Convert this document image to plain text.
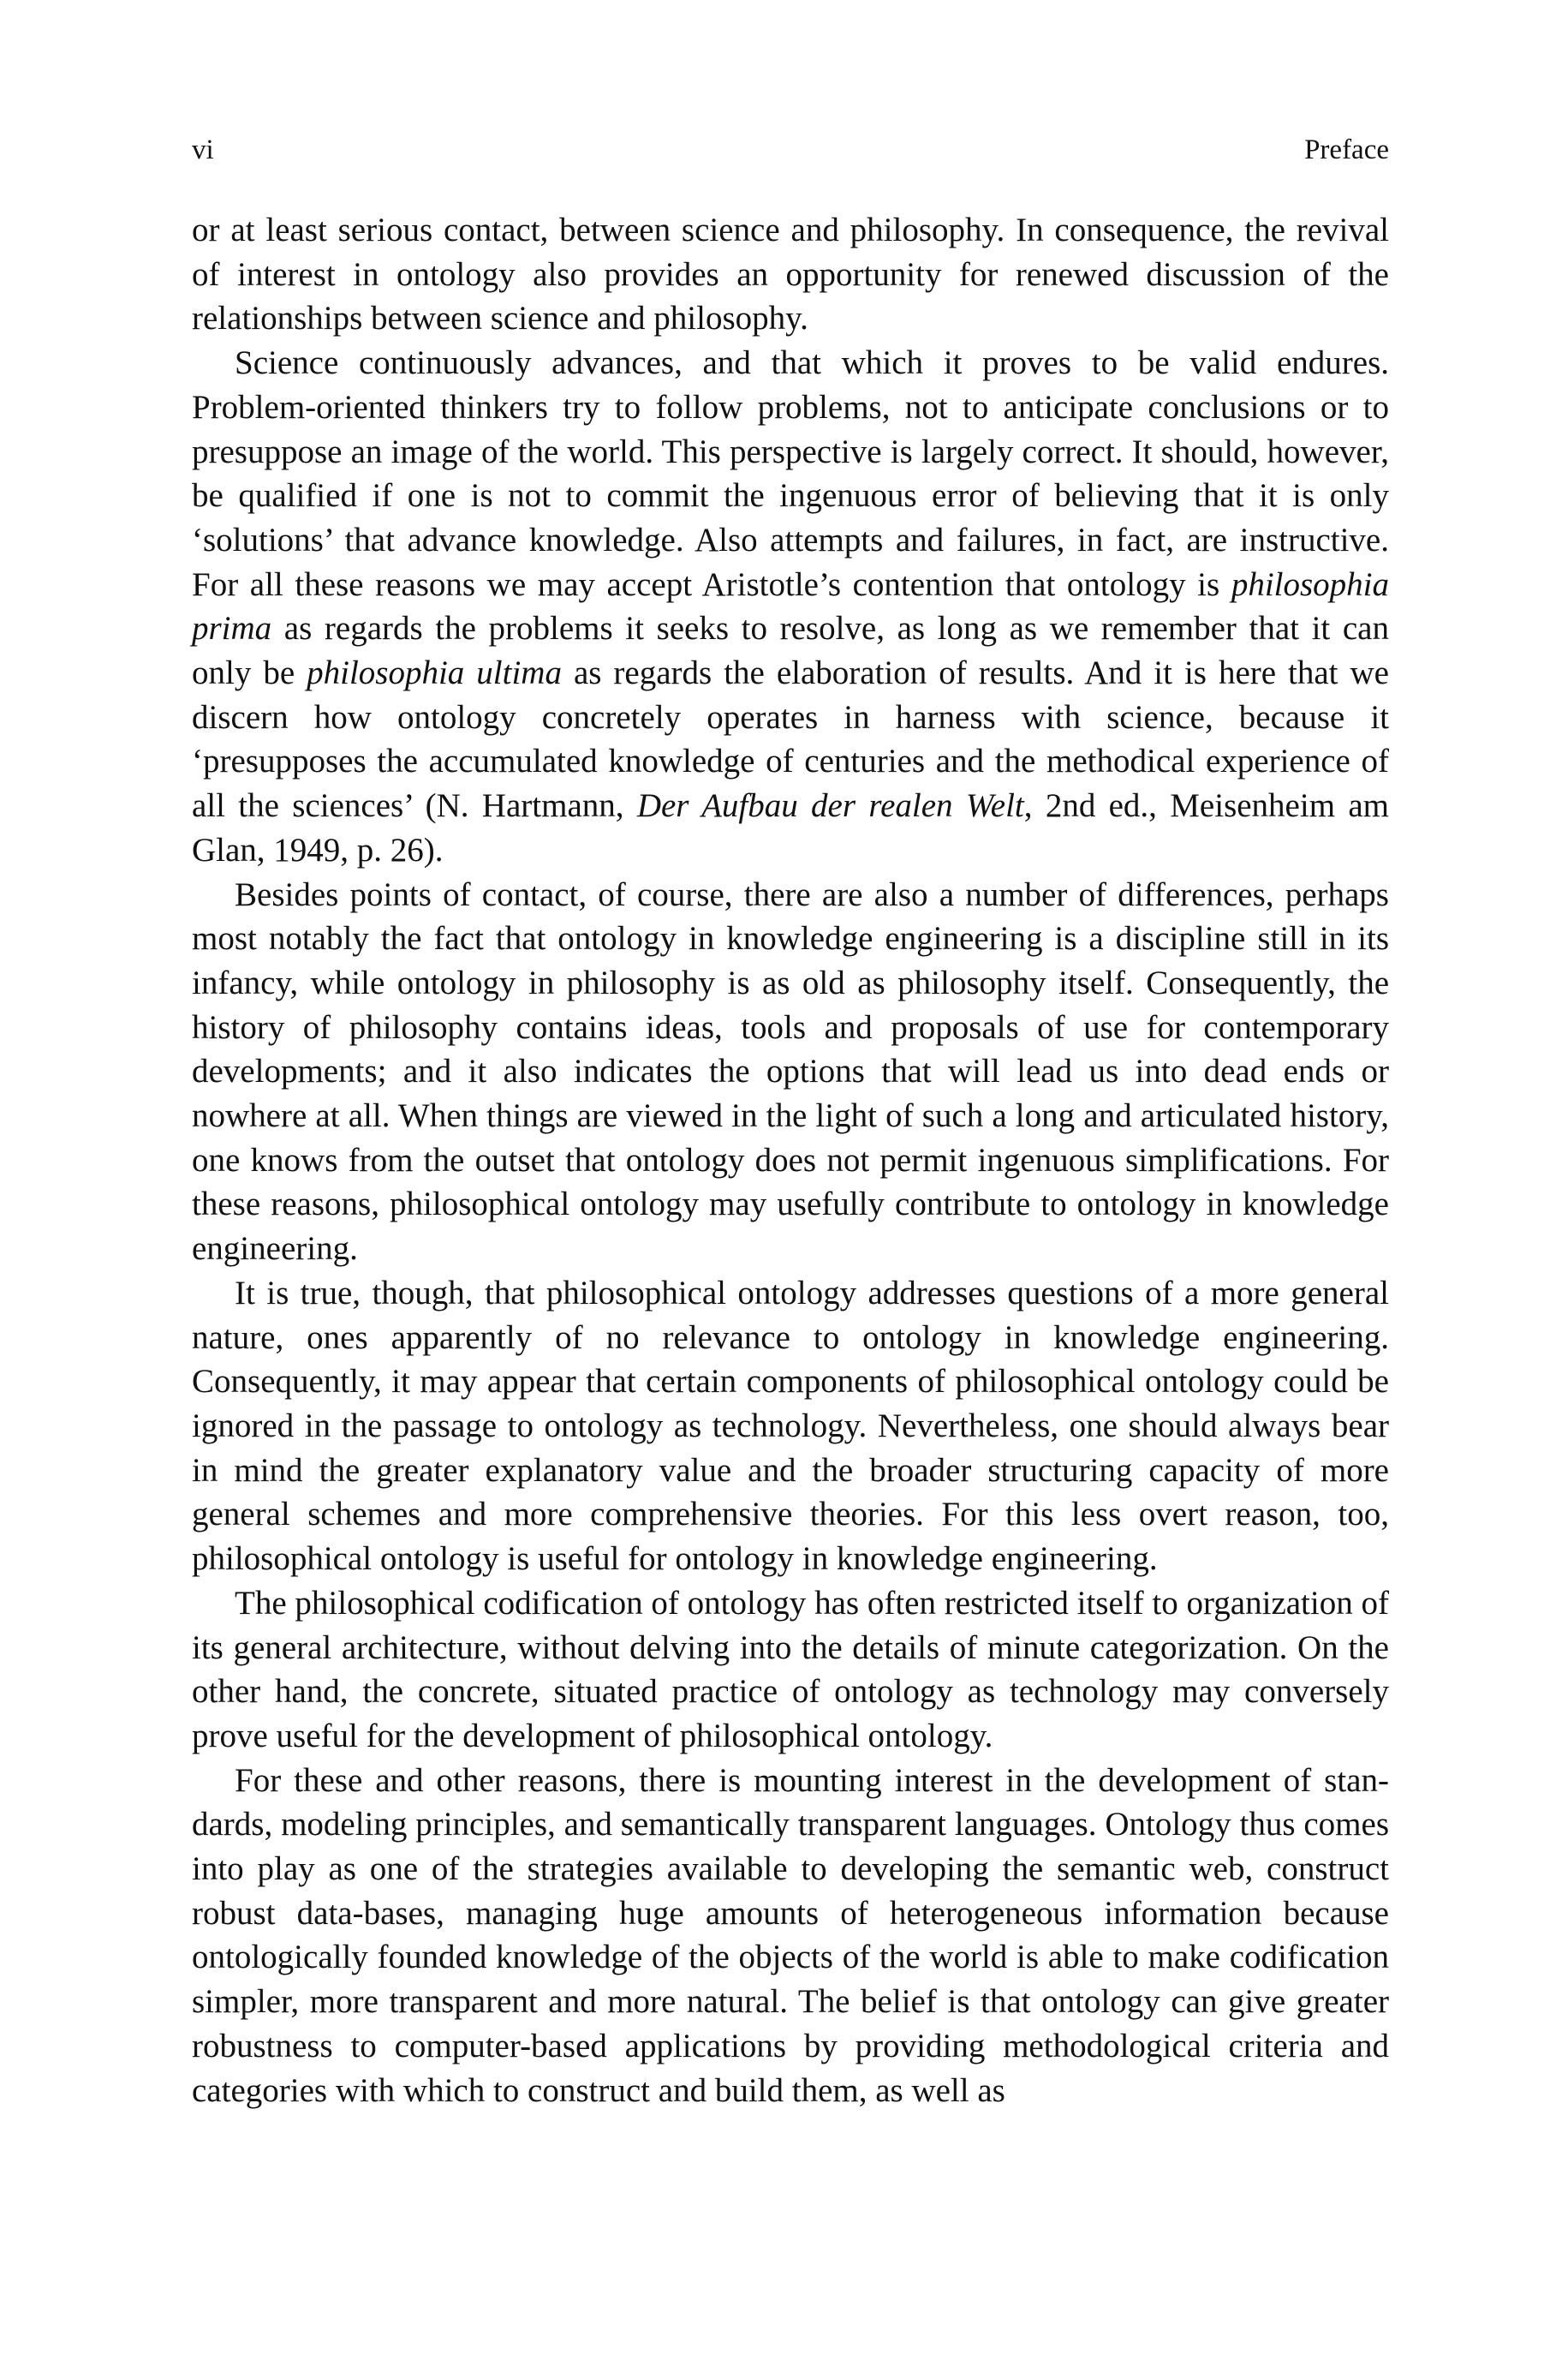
vi	Preface

or at least serious contact, between science and philosophy. In consequence, the revival of interest in ontology also provides an opportunity for renewed discussion of the relationships between science and philosophy.

Science continuously advances, and that which it proves to be valid endures. Problem-oriented thinkers try to follow problems, not to anticipate conclusions or to presuppose an image of the world. This perspective is largely correct. It should, however, be qualified if one is not to commit the ingenuous error of believing that it is only ‘solutions’ that advance knowledge. Also attempts and failures, in fact, are instructive. For all these reasons we may accept Aristotle’s contention that ontology is philosophia prima as regards the problems it seeks to resolve, as long as we remember that it can only be philosophia ultima as regards the elaboration of results. And it is here that we discern how ontology concretely operates in harness with science, because it ‘presupposes the accumulated knowledge of centuries and the methodical experience of all the sciences’ (N. Hartmann, Der Aufbau der realen Welt, 2nd ed., Meisenheim am Glan, 1949, p. 26).

Besides points of contact, of course, there are also a number of differences, perhaps most notably the fact that ontology in knowledge engineering is a discipline still in its infancy, while ontology in philosophy is as old as philosophy itself. Consequently, the history of philosophy contains ideas, tools and proposals of use for contemporary developments; and it also indicates the options that will lead us into dead ends or nowhere at all. When things are viewed in the light of such a long and articulated history, one knows from the outset that ontology does not permit ingenuous simplifications. For these reasons, philosophical ontology may usefully contribute to ontology in knowledge engineering.

It is true, though, that philosophical ontology addresses questions of a more general nature, ones apparently of no relevance to ontology in knowledge engineering. Consequently, it may appear that certain components of philosophical ontology could be ignored in the passage to ontology as technology. Nevertheless, one should always bear in mind the greater explanatory value and the broader structuring capacity of more general schemes and more comprehensive theories. For this less overt reason, too, philosophical ontology is useful for ontology in knowledge engineering.

The philosophical codification of ontology has often restricted itself to organization of its general architecture, without delving into the details of minute categorization. On the other hand, the concrete, situated practice of ontology as technology may conversely prove useful for the development of philosophical ontology.

For these and other reasons, there is mounting interest in the development of standards, modeling principles, and semantically transparent languages. Ontology thus comes into play as one of the strategies available to developing the semantic web, construct robust data-bases, managing huge amounts of heterogeneous information because ontologically founded knowledge of the objects of the world is able to make codification simpler, more transparent and more natural. The belief is that ontology can give greater robustness to computer-based applications by providing methodological criteria and categories with which to construct and build them, as well as
